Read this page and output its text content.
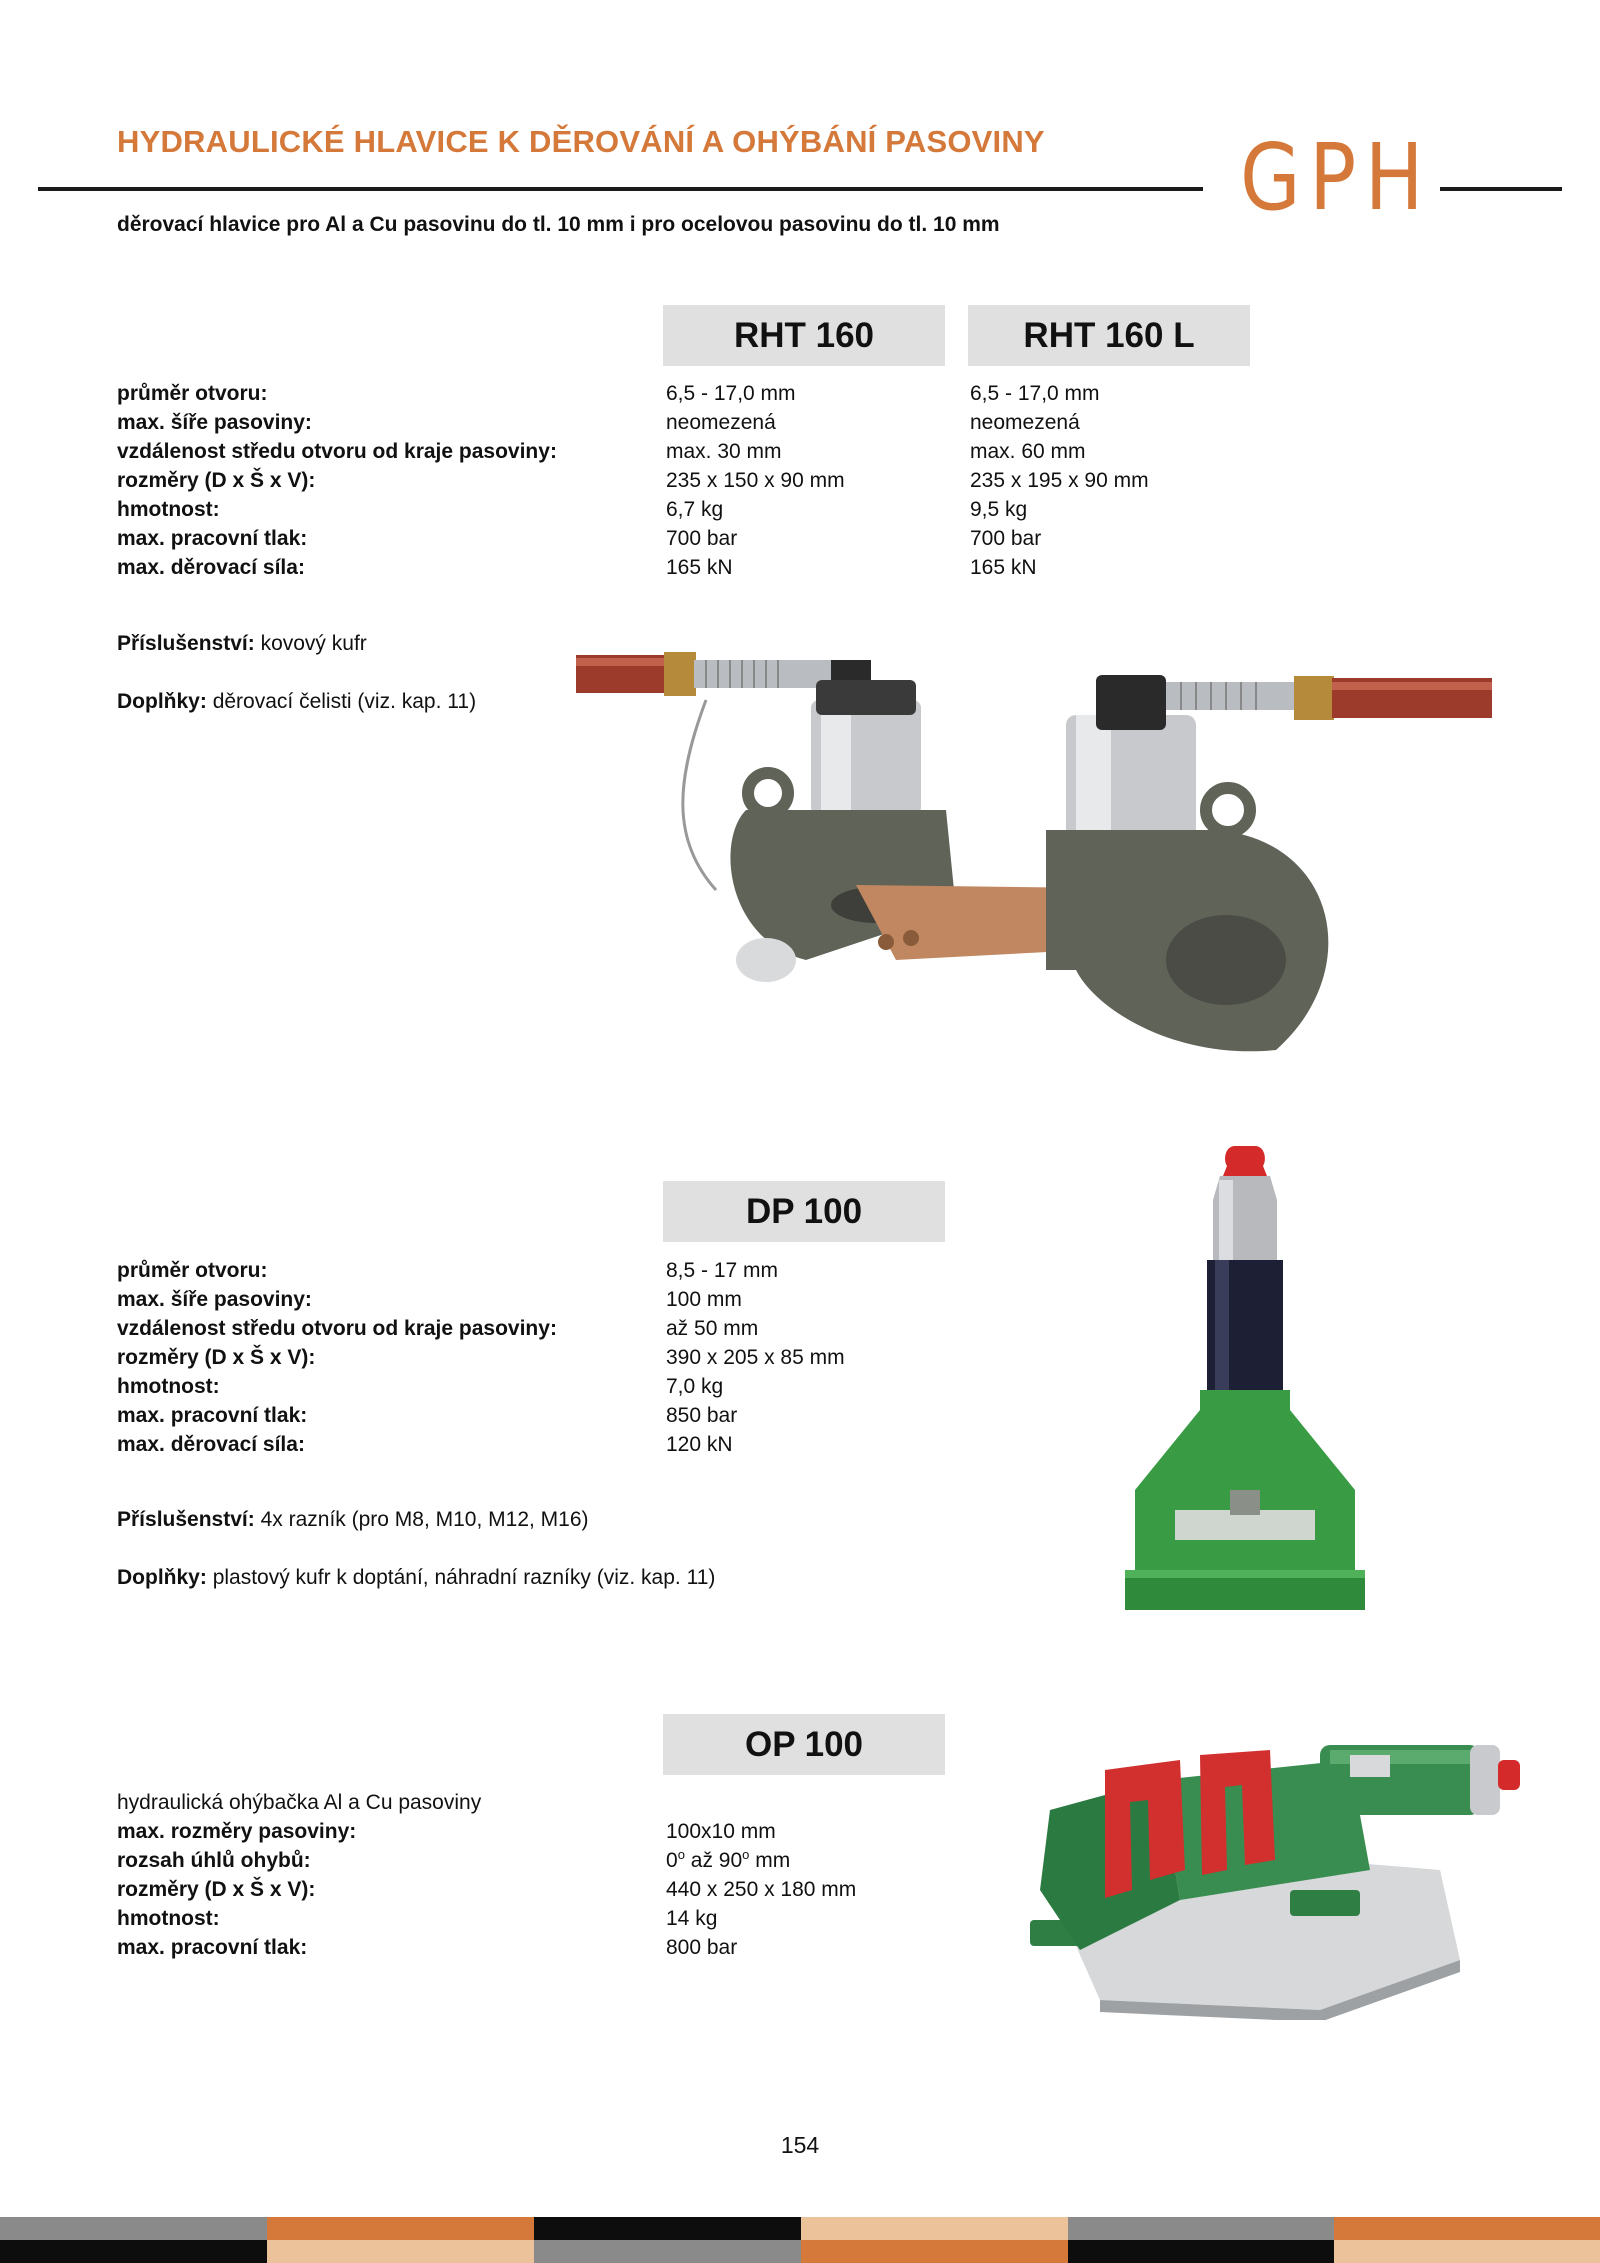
HYDRAULICKÉ HLAVICE K DĚROVÁNÍ A OHÝBÁNÍ PASOVINY GPH
děrovací hlavice pro Al a Cu pasovinu do tl. 10 mm i pro ocelovou pasovinu do tl. 10 mm
RHT 160	RHT 160 L
průměr otvoru:
max. šíře pasoviny:
vzdálenost středu otvoru od kraje pasoviny:
rozměry (D x Š x V):
hmotnost:
max. pracovní tlak:
max. děrovací síla:
6,5 - 17,0 mm
neomezená
max. 30 mm
235 x 150 x 90 mm
6,7 kg
700 bar
165 kN
6,5 - 17,0 mm
neomezená
max. 60 mm
235 x 195 x 90 mm
9,5 kg
700 bar
165 kN
Příslušenství: kovový kufr
Doplňky: děrovací čelisti (viz. kap. 11)
DP 100
průměr otvoru:
max. šíře pasoviny:
vzdálenost středu otvoru od kraje pasoviny:
rozměry (D x Š x V):
hmotnost:
max. pracovní tlak:
max. děrovací síla:
8,5 - 17 mm
100 mm
až 50 mm
390 x 205 x 85 mm
7,0 kg
850 bar
120 kN
Příslušenství: 4x razník (pro M8, M10, M12, M16)
Doplňky: plastový kufr k doptání, náhradní razníky (viz. kap. 11)
OP 100
hydraulická ohýbačka Al a Cu pasoviny
max. rozměry pasoviny:
rozsah úhlů ohybů:
rozměry (D x Š x V):
hmotnost:
max. pracovní tlak:
100x10 mm
0$^o$ až 90$^o$ mm
440 x 250 x 180 mm
14 kg
800 bar
154
